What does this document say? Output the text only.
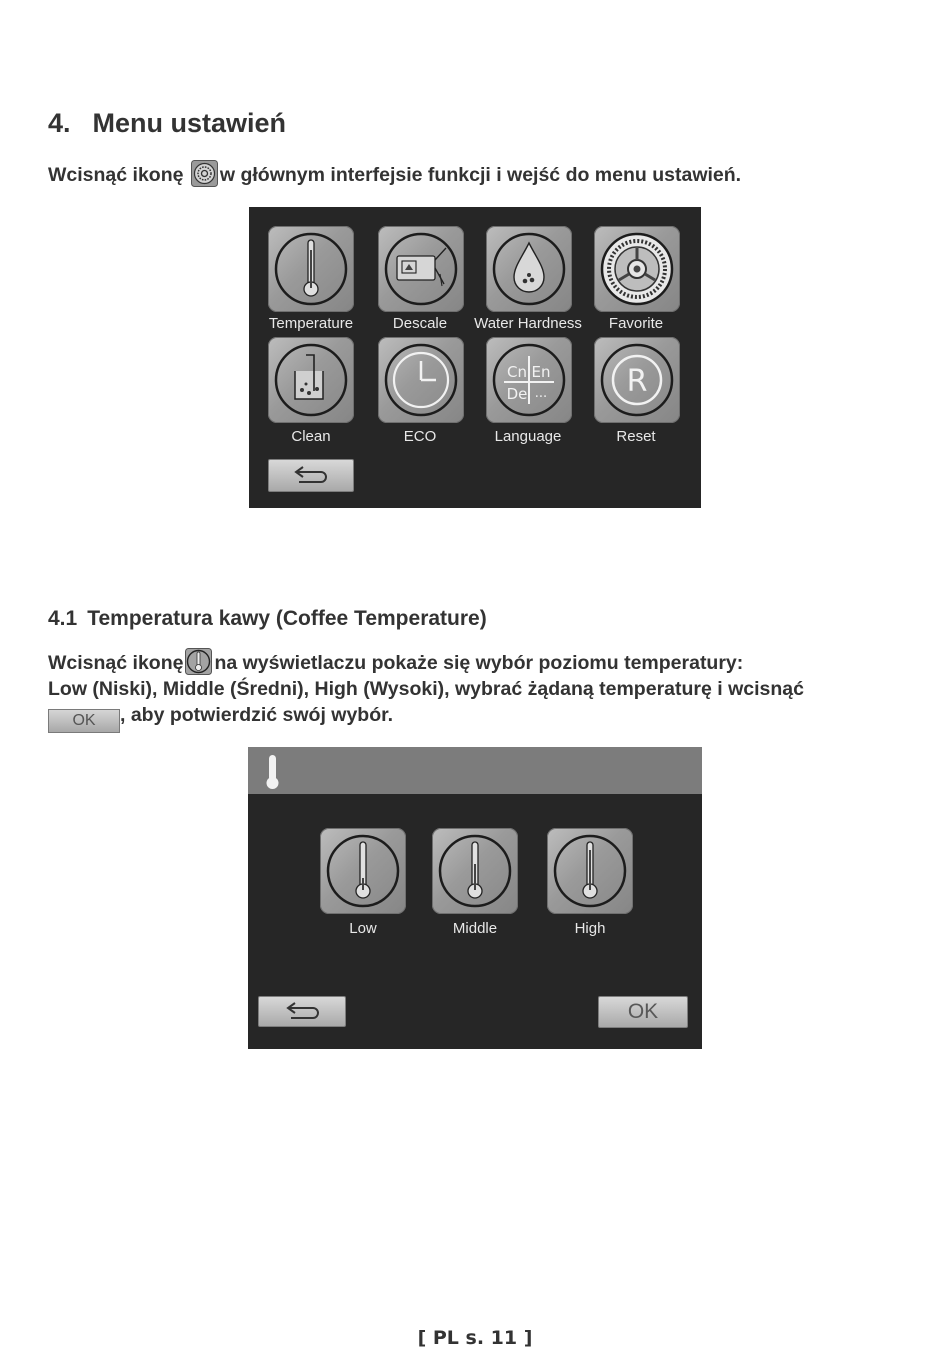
4. Menu ustawień
Wcisnąć ikonę w głównym interfejsie funkcji i wejść do menu ustawień.
Temperature	Descale	Water Hardness	Favorite
Cn En
De ...	R
Clean	ECO	Language	Reset
4.1 Temperatura kawy (Coffee Temperature)
Wcisnąć ikonę na wyświetlaczu pokaże się wybór poziomu temperatury:
Low (Niski), Middle (Średni), High (Wysoki), wybrać żądaną temperaturę i wcisnąć
OK , aby potwierdzić swój wybór.
Low	Middle	High
OK
[ PL s. 11 ]
